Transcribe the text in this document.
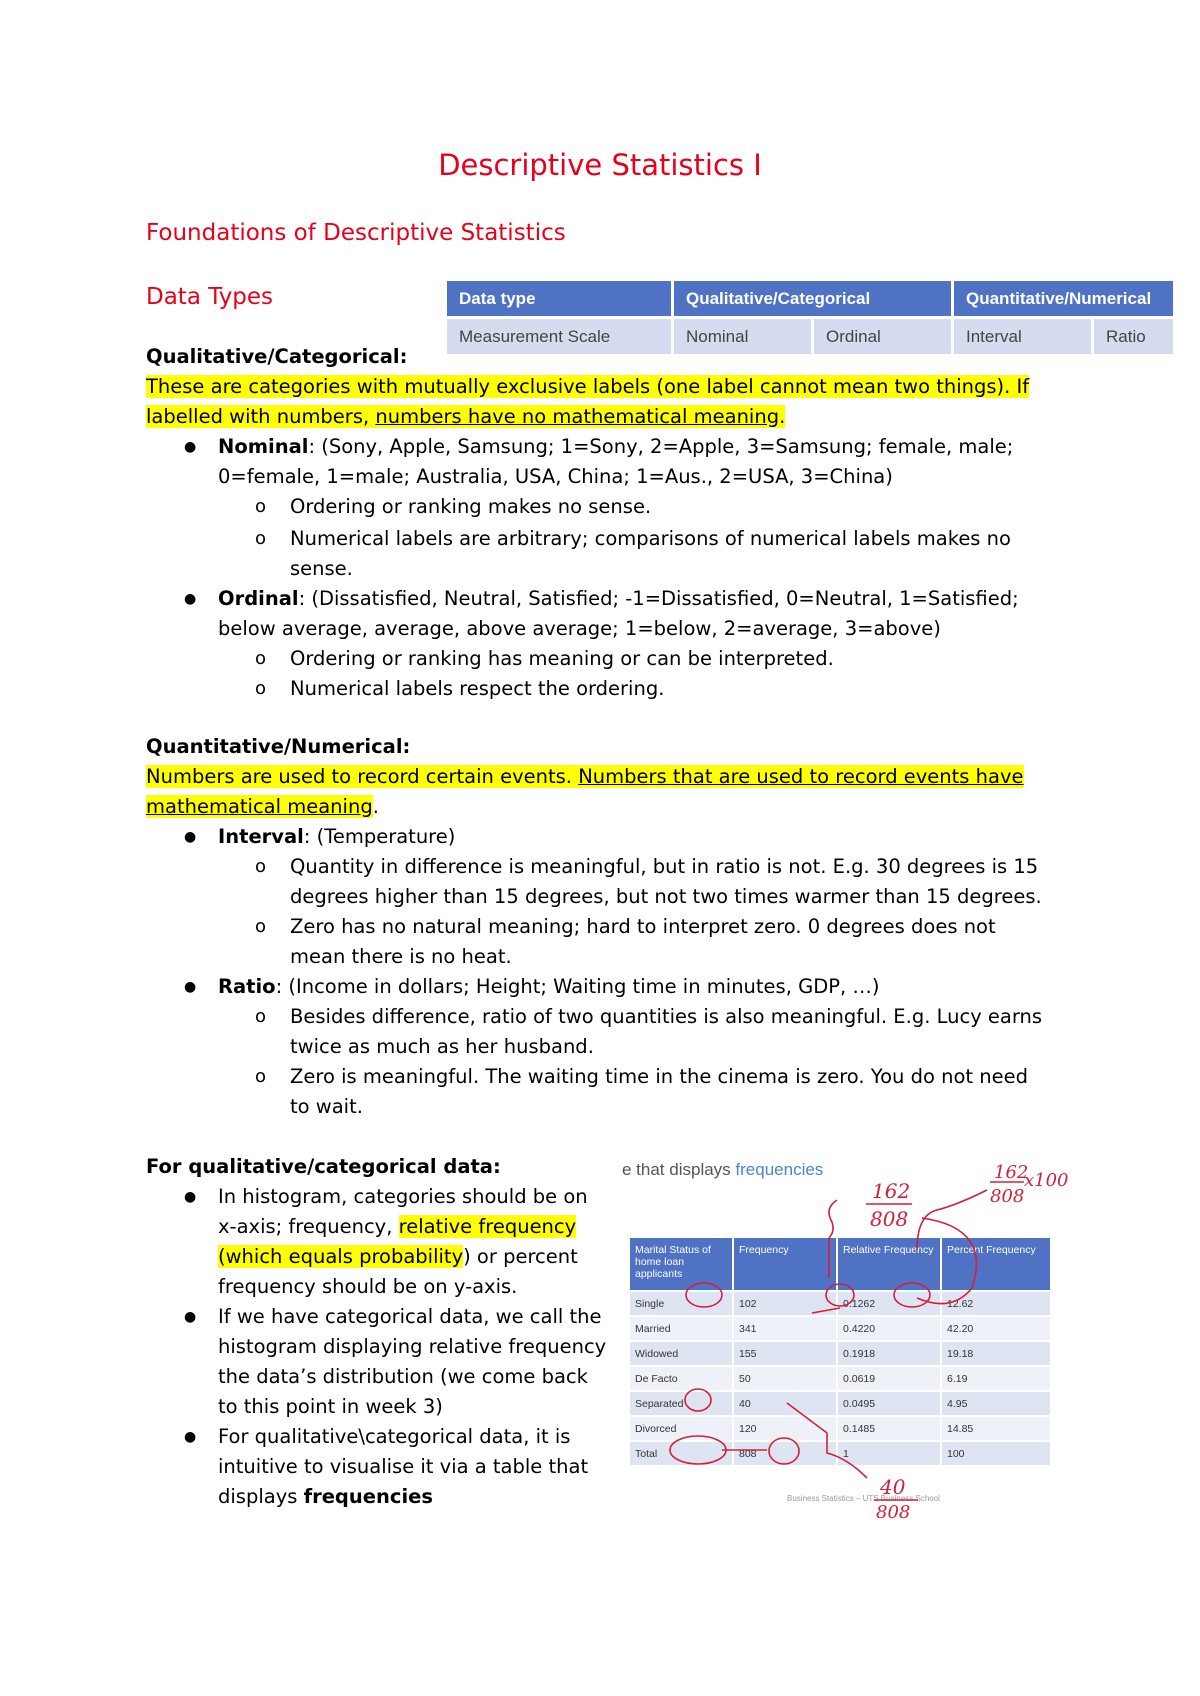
Descriptive Statistics I
Foundations of Descriptive Statistics
Data Types	Data type	Qualitative/Categorical		Quantitative/Numerical	
Measurement Scale	Nominal	Ordinal	Interval	Ratio
Qualitative/Categorical:
These are categories with mutually exclusive labels (one label cannot mean two things). If
labelled with numbers, numbers have no mathematical meaning.
● Nominal: (Sony, Apple, Samsung; 1=Sony, 2=Apple, 3=Samsung; female, male;
0=female, 1=male; Australia, USA, China; 1=Aus., 2=USA, 3=China)
o Ordering or ranking makes no sense.
o Numerical labels are arbitrary; comparisons of numerical labels makes no
sense.
● Ordinal: (Dissatisfied, Neutral, Satisfied; -1=Dissatisfied, 0=Neutral, 1=Satisfied;
below average, average, above average; 1=below, 2=average, 3=above)
o Ordering or ranking has meaning or can be interpreted.
o Numerical labels respect the ordering.
Quantitative/Numerical:
Numbers are used to record certain events. Numbers that are used to record events have
mathematical meaning.
● Interval: (Temperature)
o Quantity in difference is meaningful, but in ratio is not. E.g. 30 degrees is 15
degrees higher than 15 degrees, but not two times warmer than 15 degrees.
o Zero has no natural meaning; hard to interpret zero. 0 degrees does not
mean there is no heat.
● Ratio: (Income in dollars; Height; Waiting time in minutes, GDP, …)
o Besides difference, ratio of two quantities is also meaningful. E.g. Lucy earns
twice as much as her husband.
o Zero is meaningful. The waiting time in the cinema is zero. You do not need
to wait.
For qualitative/categorical data:
● In histogram, categories should be on
x-axis; frequency, relative frequency
(which equals probability) or percent
frequency should be on y-axis.
● If we have categorical data, we call the
histogram displaying relative frequency
the data’s distribution (we come back
to this point in week 3)
● For qualitative\categorical data, it is
intuitive to visualise it via a table that
displays frequencies
e that displays frequencies
Marital Status of home loan applicants	Frequency	Relative Frequency	Percent Frequency
Single	102	0.1262	12.62
Married	341	0.4220	42.20
Widowed	155	0.1918	19.18
De Facto	50	0.0619	6.19
Separated	40	0.0495	4.95
Divorced	120	0.1485	14.85
Total	808	1	100
Business Statistics – UTS Business School
162
808
162
x100
808
40
808
